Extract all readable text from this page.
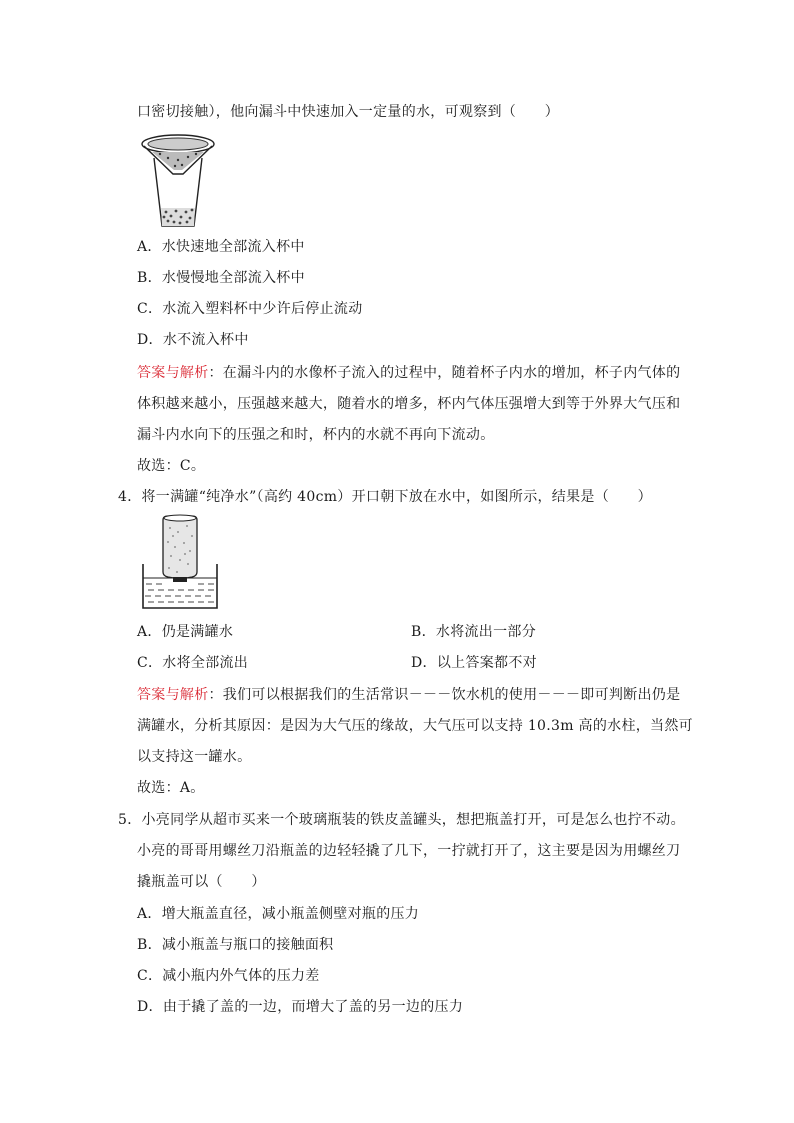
口密切接触），他向漏斗中快速加入一定量的水，可观察到（　　）
A．水快速地全部流入杯中
B．水慢慢地全部流入杯中
C．水流入塑料杯中少许后停止流动
D．水不流入杯中
答案与解析：在漏斗内的水像杯子流入的过程中，随着杯子内水的增加，杯子内气体的
体积越来越小，压强越来越大，随着水的增多，杯内气体压强增大到等于外界大气压和
漏斗内水向下的压强之和时，杯内的水就不再向下流动。
故选：C。
4．将一满罐“纯净水”（高约 40cm）开口朝下放在水中，如图所示，结果是（　　）
A．仍是满罐水	B．水将流出一部分
C．水将全部流出	D．以上答案都不对
答案与解析：我们可以根据我们的生活常识－－－饮水机的使用－－－即可判断出仍是
满罐水，分析其原因：是因为大气压的缘故，大气压可以支持 10.3m 高的水柱，当然可
以支持这一罐水。
故选：A。
5．小亮同学从超市买来一个玻璃瓶装的铁皮盖罐头，想把瓶盖打开，可是怎么也拧不动。
小亮的哥哥用螺丝刀沿瓶盖的边轻轻撬了几下，一拧就打开了，这主要是因为用螺丝刀
撬瓶盖可以（　　）
A．增大瓶盖直径，减小瓶盖侧壁对瓶的压力
B．减小瓶盖与瓶口的接触面积
C．减小瓶内外气体的压力差
D．由于撬了盖的一边，而增大了盖的另一边的压力
